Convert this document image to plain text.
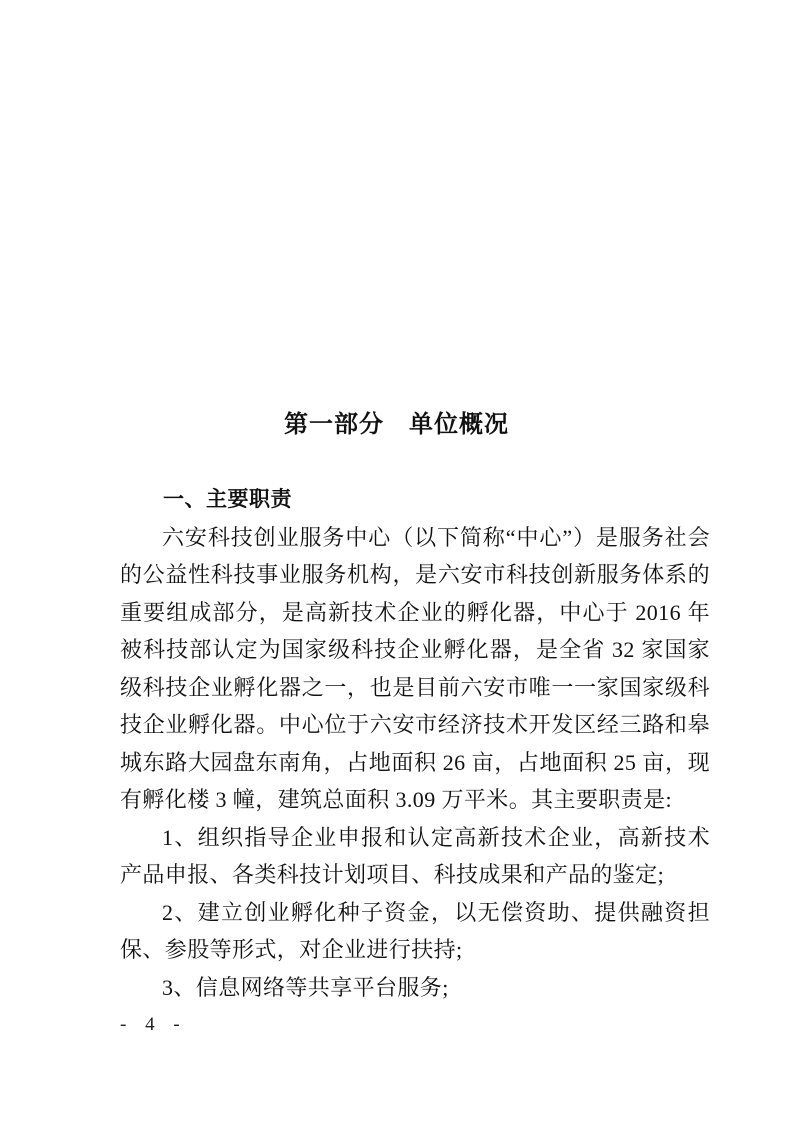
第一部分　单位概况
一、主要职责
六安科技创业服务中心（以下简称“中心”）是服务社会
的公益性科技事业服务机构，是六安市科技创新服务体系的
重要组成部分，是高新技术企业的孵化器，中心于 2016 年
被科技部认定为国家级科技企业孵化器，是全省 32 家国家
级科技企业孵化器之一，也是目前六安市唯一一家国家级科
技企业孵化器。中心位于六安市经济技术开发区经三路和皋
城东路大园盘东南角，占地面积 26 亩，占地面积 25 亩，现
有孵化楼 3 幢，建筑总面积 3.09 万平米。其主要职责是:
1、组织指导企业申报和认定高新技术企业，高新技术
产品申报、各类科技计划项目、科技成果和产品的鉴定;
2、建立创业孵化种子资金，以无偿资助、提供融资担
保、参股等形式，对企业进行扶持;
3、信息网络等共享平台服务;
- 4 -
